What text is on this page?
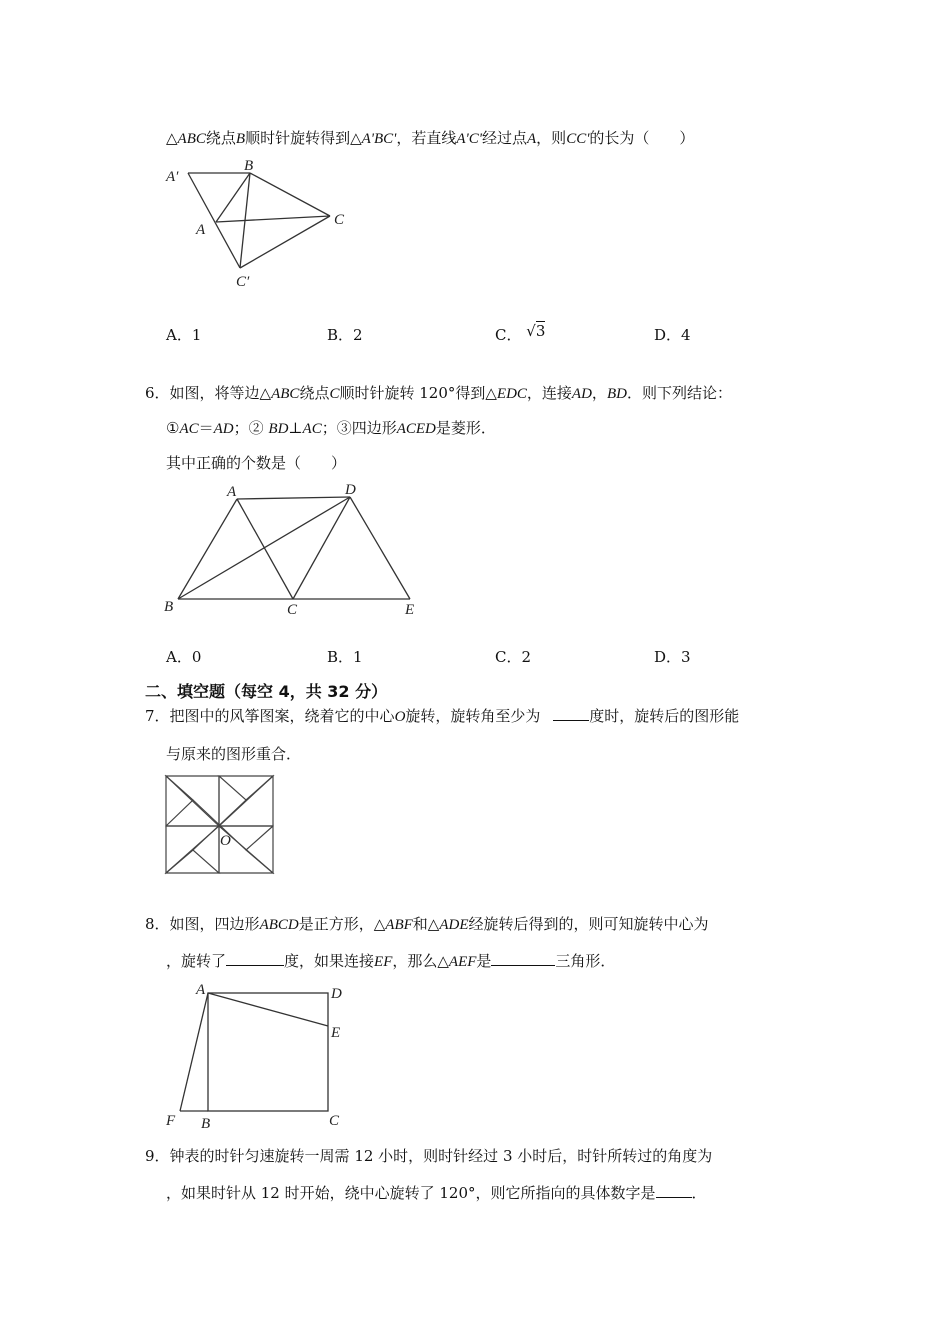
△ABC绕点B顺时针旋转得到△A'BC'，若直线A'C'经过点A，则CC'的长为（　　）
A′
B
A
C
C′
A．1	B．2	C． √3	D．4
6．如图，将等边△ABC绕点C顺时针旋转 120°得到△EDC，连接AD，BD．则下列结论：
①AC＝AD；② BD⊥AC；③四边形ACED是菱形．
其中正确的个数是（　　）
A	D
B	C	E
A．0	B．1	C．2	D．3
二、填空题（每空 4，共 32 分）
7．把图中的风筝图案，绕着它的中心O旋转，旋转角至少为	度时，旋转后的图形能
与原来的图形重合．
O
8．如图，四边形ABCD是正方形，△ABF和△ADE经旋转后得到的，则可知旋转中心为
，旋转了	度，如果连接EF，那么△AEF是	三角形．
A	D
E
F B	C
9．钟表的时针匀速旋转一周需 12 小时，则时针经过 3 小时后，时针所转过的角度为
，如果时针从 12 时开始，绕中心旋转了 120°，则它所指向的具体数字是 ．
